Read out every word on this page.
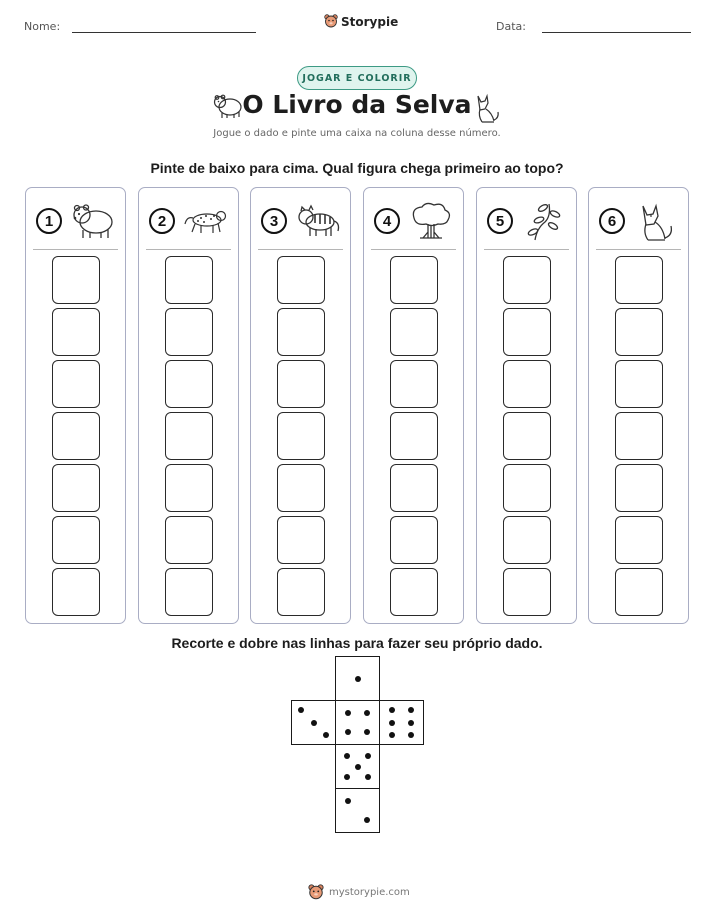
Nome:	Storypie	Data:
JOGAR E COLORIR
O Livro da Selva
Jogue o dado e pinte uma caixa na coluna desse número.
Pinte de baixo para cima. Qual figura chega primeiro ao topo?
1	2	3	4	5	6
Recorte e dobre nas linhas para fazer seu próprio dado.
mystorypie.com
